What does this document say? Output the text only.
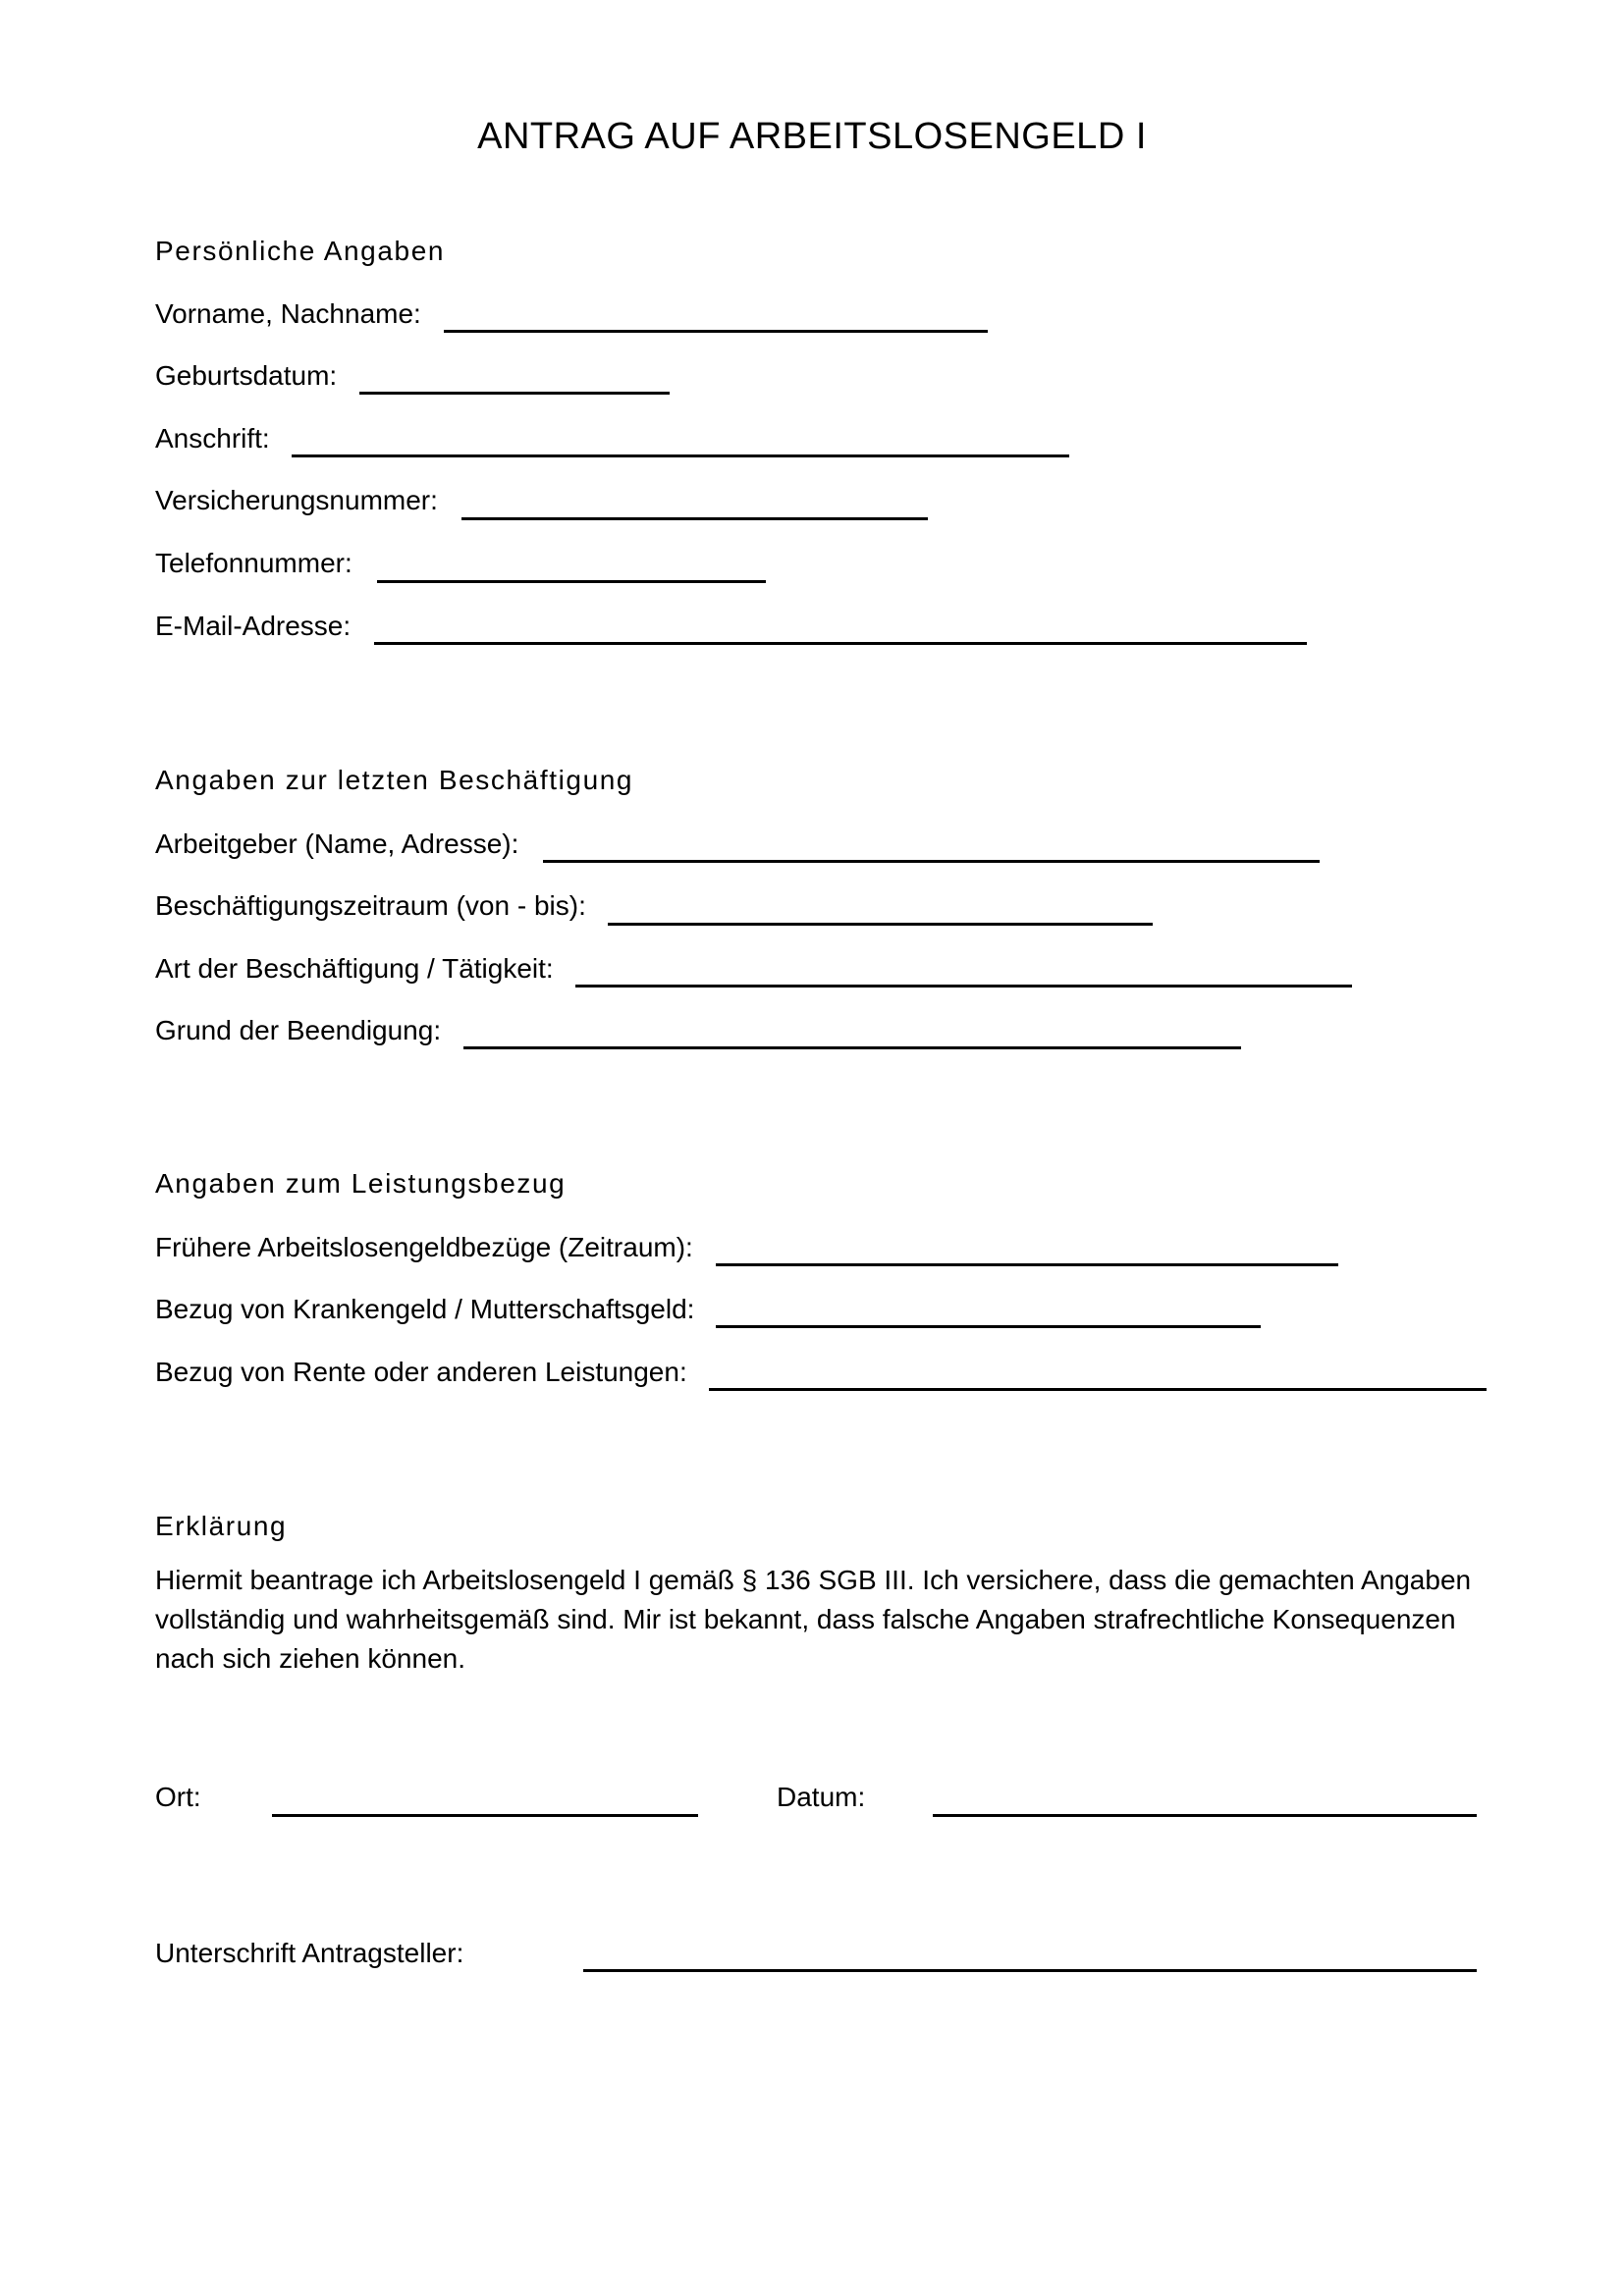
ANTRAG AUF ARBEITSLOSENGELD I
Persönliche Angaben
Vorname, Nachname:
Geburtsdatum:
Anschrift:
Versicherungsnummer:
Telefonnummer:
E-Mail-Adresse:
Angaben zur letzten Beschäftigung
Arbeitgeber (Name, Adresse):
Beschäftigungszeitraum (von - bis):
Art der Beschäftigung / Tätigkeit:
Grund der Beendigung:
Angaben zum Leistungsbezug
Frühere Arbeitslosengeldbezüge (Zeitraum):
Bezug von Krankengeld / Mutterschaftsgeld:
Bezug von Rente oder anderen Leistungen:
Erklärung
Hiermit beantrage ich Arbeitslosengeld I gemäß § 136 SGB III. Ich versichere, dass die gemachten Angaben vollständig und wahrheitsgemäß sind. Mir ist bekannt, dass falsche Angaben strafrechtliche Konsequenzen nach sich ziehen können.
Ort:	Datum:
Unterschrift Antragsteller:
